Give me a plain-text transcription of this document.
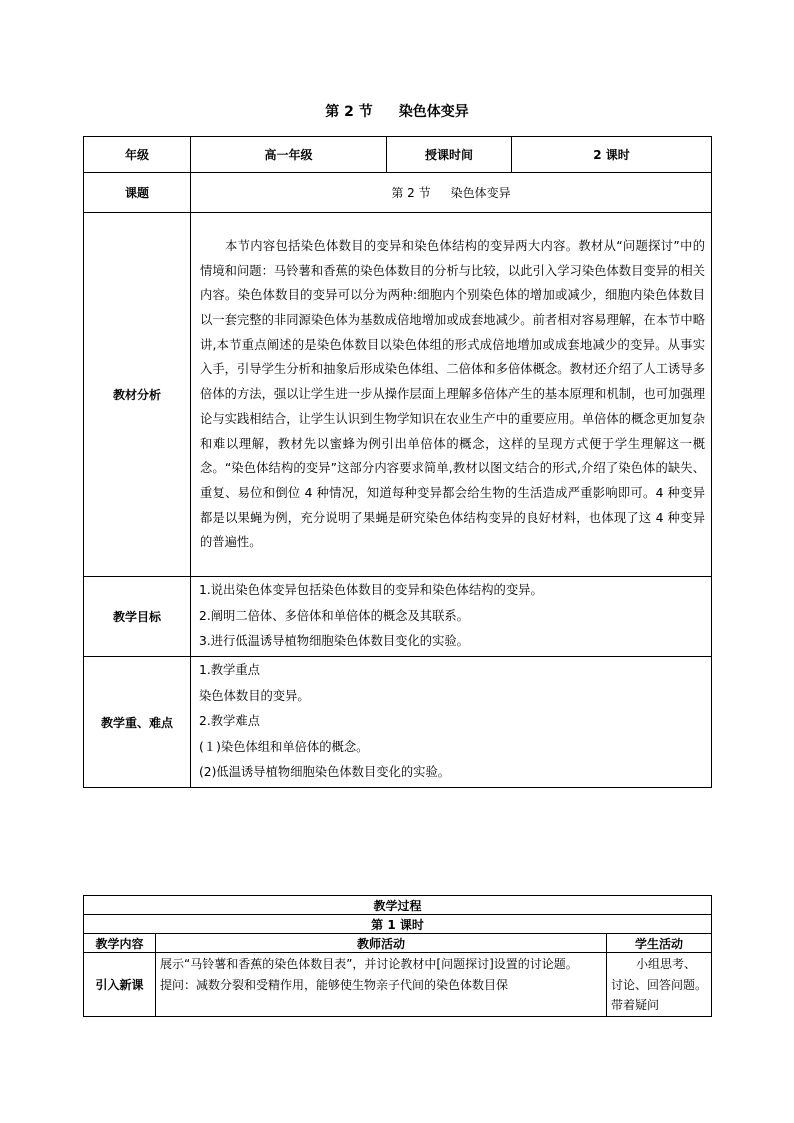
第 2 节 染色体变异
年级	高一年级	授课时间	2 课时
课题	第 2 节 染色体变异		
教材分析	本节内容包括染色体数目的变异和染色体结构的变异两大内容。教材从“问题探讨”中的情境和问题：马铃薯和香蕉的染色体数目的分析与比较，以此引入学习染色体数目变异的相关内容。染色体数目的变异可以分为两种:细胞内个别染色体的增加或减少，细胞内染色体数目以一套完整的非同源染色体为基数成倍地增加或成套地减少。前者相对容易理解，在本节中略讲,本节重点阐述的是染色体数目以染色体组的形式成倍地增加或成套地减少的变异。从事实入手，引导学生分析和抽象后形成染色体组、二倍体和多倍体概念。教材还介绍了人工诱导多倍体的方法，强以让学生进一步从操作层面上理解多倍体产生的基本原理和机制，也可加强理论与实践相结合，让学生认识到生物学知识在农业生产中的重要应用。单倍体的概念更加复杂和难以理解，教材先以蜜蜂为例引出单倍体的概念，这样的呈现方式便于学生理解这一概念。“染色体结构的变异”这部分内容要求简单,教材以图文结合的形式,介绍了染色体的缺失、重复、易位和倒位 4 种情况，知道每种变异都会给生物的生活造成严重影响即可。4 种变异都是以果蝇为例，充分说明了果蝇是研究染色体结构变异的良好材料，也体现了这 4 种变异的普遍性。		

教学目标	1.说出染色体变异包括染色体数目的变异和染色体结构的变异。
2.阐明二倍体、多倍体和单倍体的概念及其联系。
3.进行低温诱导植物细胞染色体数目变化的实验。		

教学重、难点	1.教学重点
染色体数目的变异。
2.教学难点
(１)染色体组和单倍体的概念。
(2)低温诱导植物细胞染色体数目变化的实验。		
教学过程		
第 1 课时		
教学内容	教师活动	学生活动
引入新课	展示“马铃薯和香蕉的染色体数目表”，并讨论教材中[问题探讨]设置的讨论题。
提问：减数分裂和受精作用，能够使生物亲子代间的染色体数目保	小组思考、讨论、回答问题。带着疑问
